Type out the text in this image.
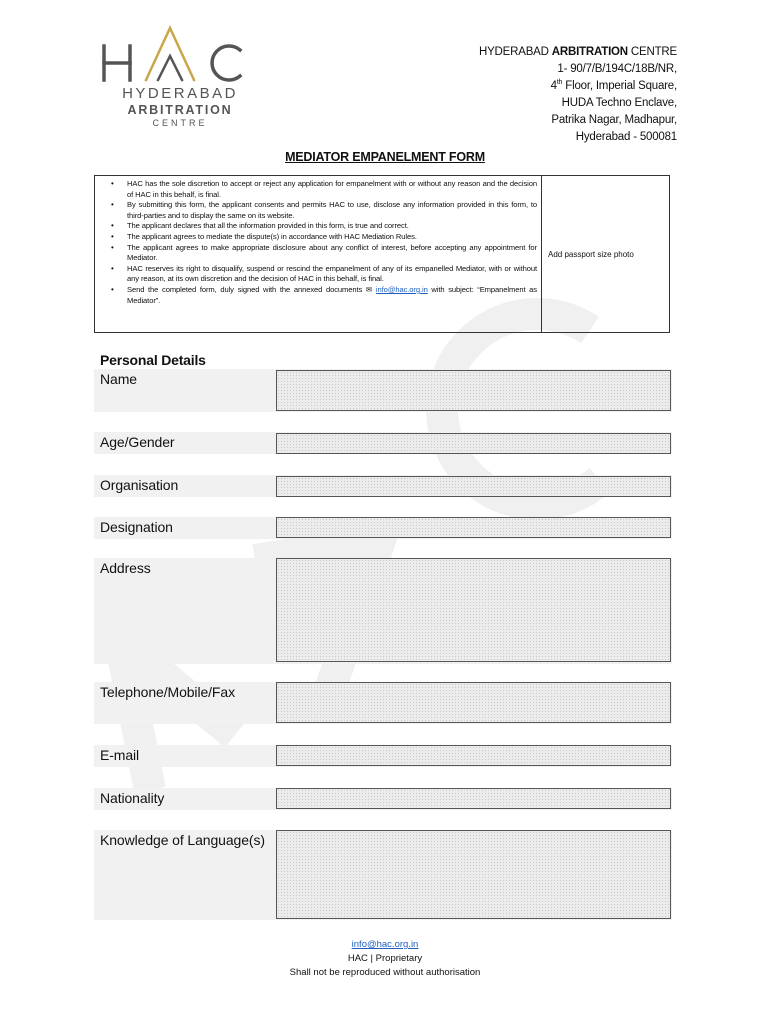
HYDERABAD
ARBITRATION
CENTRE
HYDERABAD ARBITRATION CENTRE
1- 90/7/B/194C/18B/NR,
4th Floor, Imperial Square,
HUDA Techno Enclave,
Patrika Nagar, Madhapur,
Hyderabad - 500081
MEDIATOR EMPANELMENT FORM
• HAC has the sole discretion to accept or reject any application for empanelment with or without any reason and the decision of HAC in this behalf, is final.
• By submitting this form, the applicant consents and permits HAC to use, disclose any information provided in this form, to third-parties and to display the same on its website.
• The applicant declares that all the information provided in this form, is true and correct.
• The applicant agrees to mediate the dispute(s) in accordance with HAC Mediation Rules.
• The applicant agrees to make appropriate disclosure about any conflict of interest, before accepting any appointment for Mediator.
• HAC reserves its right to disqualify, suspend or rescind the empanelment of any of its empanelled Mediator, with or without any reason, at its own discretion and the decision of HAC in this behalf, is final.
• Send the completed form, duly signed with the annexed documents ✉ info@hac.org.in with subject: “Empanelment as Mediator”.
Add passport size photo
Personal Details
Name
Age/Gender
Organisation
Designation
Address
Telephone/Mobile/Fax
E-mail
Nationality
Knowledge of Language(s)
info@hac.org.in
HAC | Proprietary
Shall not be reproduced without authorisation
